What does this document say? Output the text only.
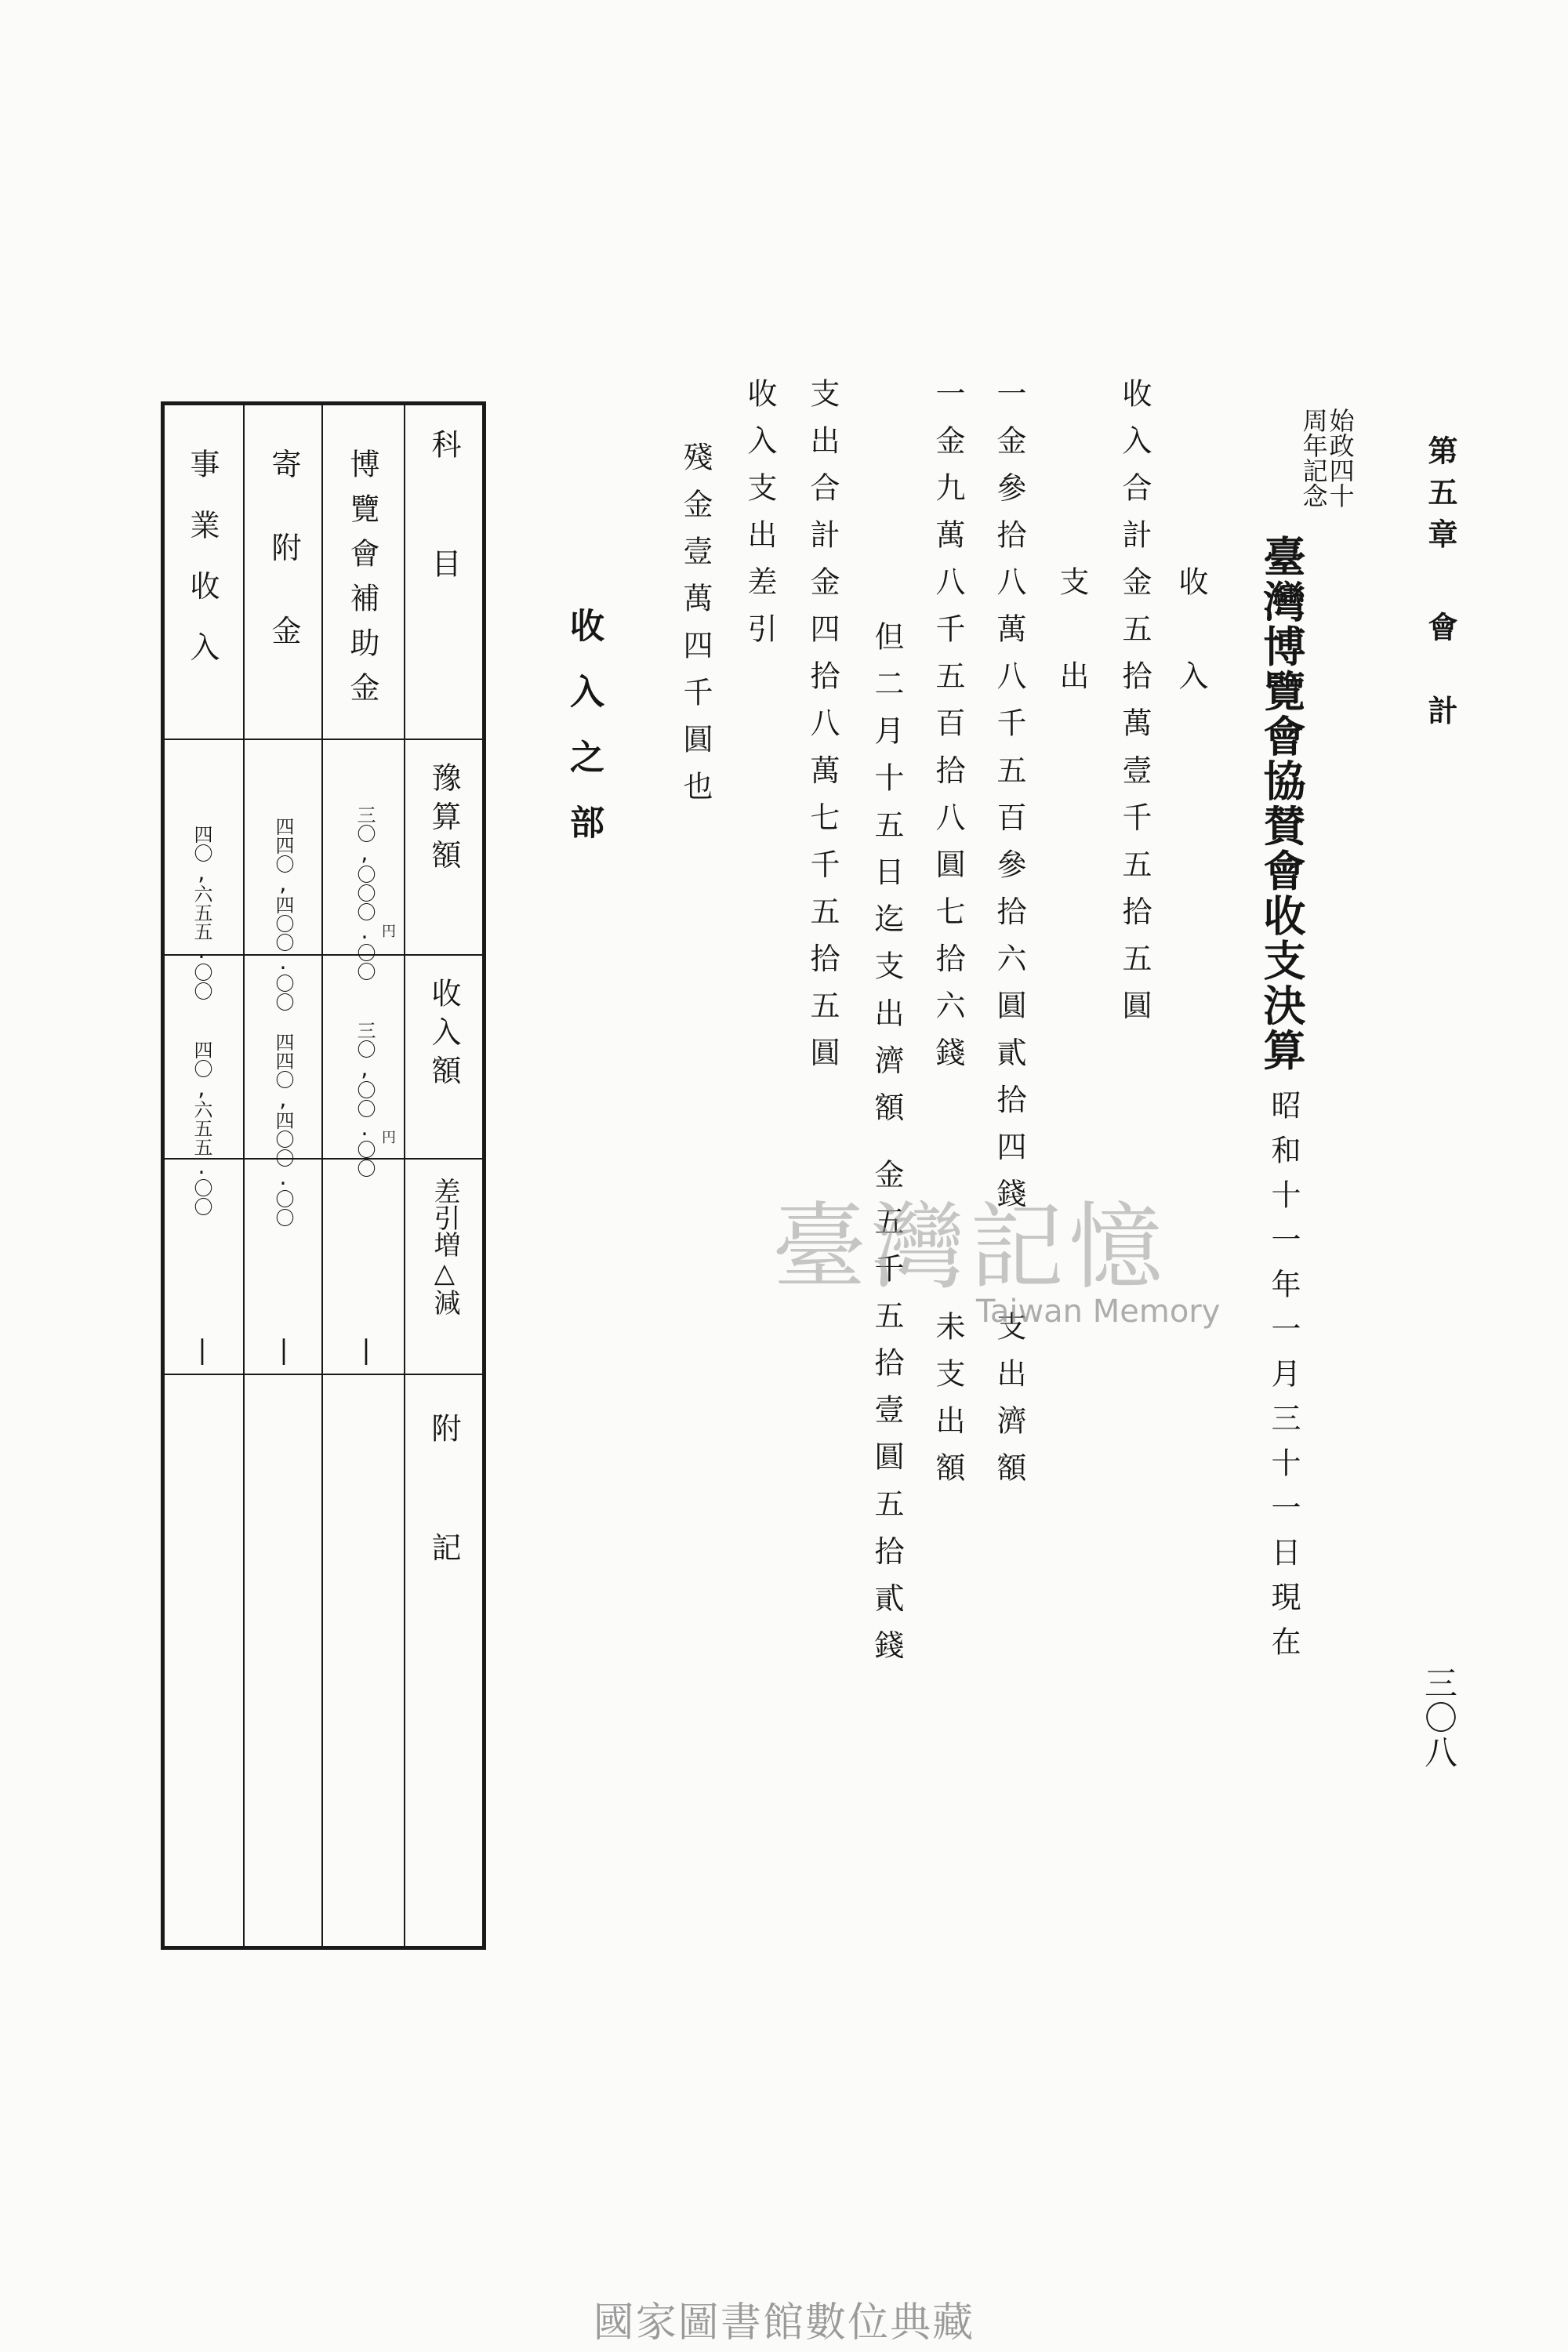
第五章
會　計
三〇八
始政四十
周年記念
臺灣博覽會協賛會收支決算
昭和十一年一月三十一日現在
收　入
收入合計金五拾萬壹千五拾五圓
支　出
一金參拾八萬八千五百參拾六圓貳拾四錢
支出濟額
一金九萬八千五百拾八圓七拾六錢
未支出額
但二月十五日迄支出濟額
金五千五拾壹圓五拾貳錢
支出合計金四拾八萬七千五拾五圓
收入支出差引
殘金壹萬四千圓也
收入之部
科　　　目
豫算額
收入額
差引増△減
附　　　記
博覽會補助金
三〇,〇〇〇.〇〇 円
三〇,〇〇.〇〇 円
|
寄附金
四四〇,四〇〇.〇〇
四四〇,四〇〇.〇〇
|
事業收入
四〇,六五五.〇〇
四〇,六五五.〇〇
|
臺灣記憶
Taiwan Memory
國家圖書館數位典藏
